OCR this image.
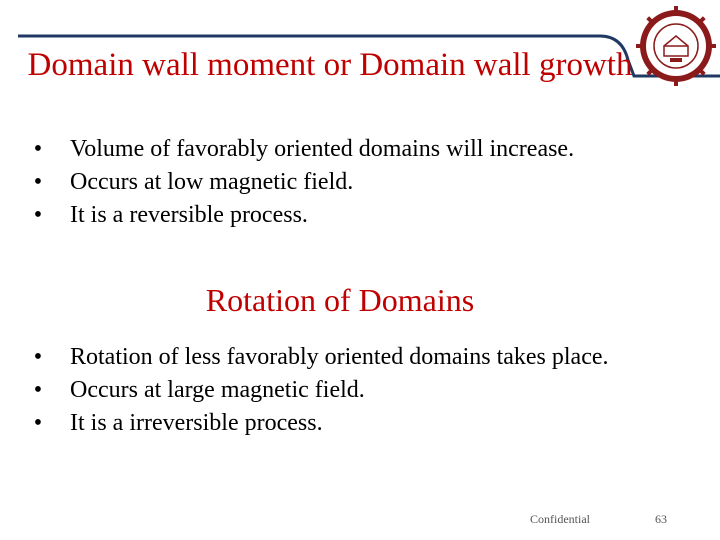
Domain wall moment or Domain wall growth
• Volume of favorably oriented domains will increase.
• Occurs at low magnetic field.
• It is a reversible process.
Rotation of Domains
• Rotation of less favorably oriented domains takes place.
• Occurs at large magnetic field.
• It is a irreversible process.
Confidential	63
